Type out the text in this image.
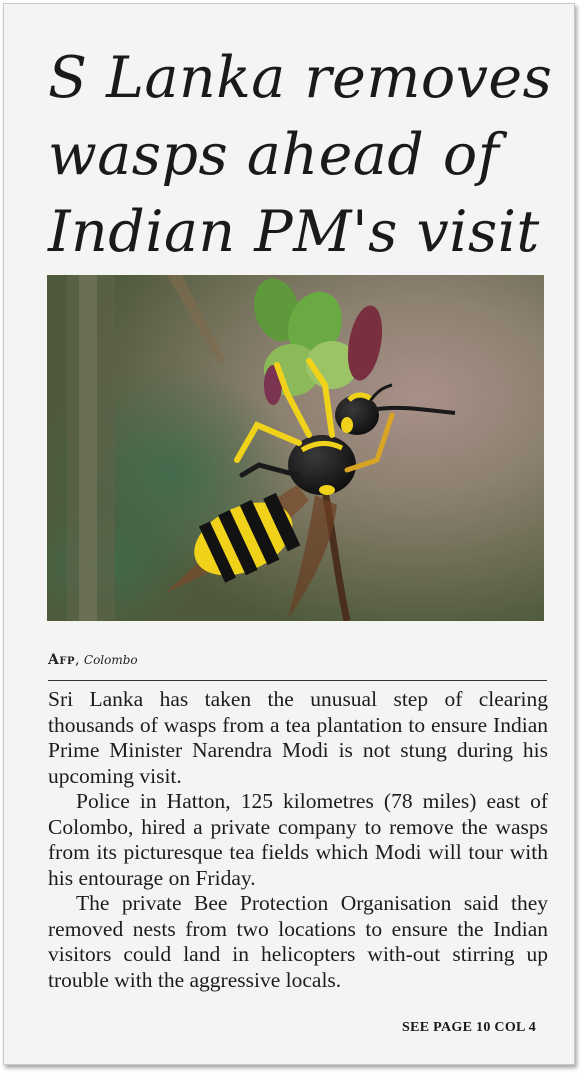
S Lanka removes
wasps ahead of
Indian PM's visit
Afp, Colombo

Sri Lanka has taken the unusual step of clearing thousands of wasps from a tea plantation to ensure Indian Prime Minister Narendra Modi is not stung during his upcoming visit.

Police in Hatton, 125 kilometres (78 miles) east of Colombo, hired a private company to remove the wasps from its picturesque tea fields which Modi will tour with his entourage on Friday.

The private Bee Protection Organisation said they removed nests from two locations to ensure the Indian visitors could land in helicopters with-out stirring up trouble with the aggressive locals.

SEE PAGE 10 COL 4
